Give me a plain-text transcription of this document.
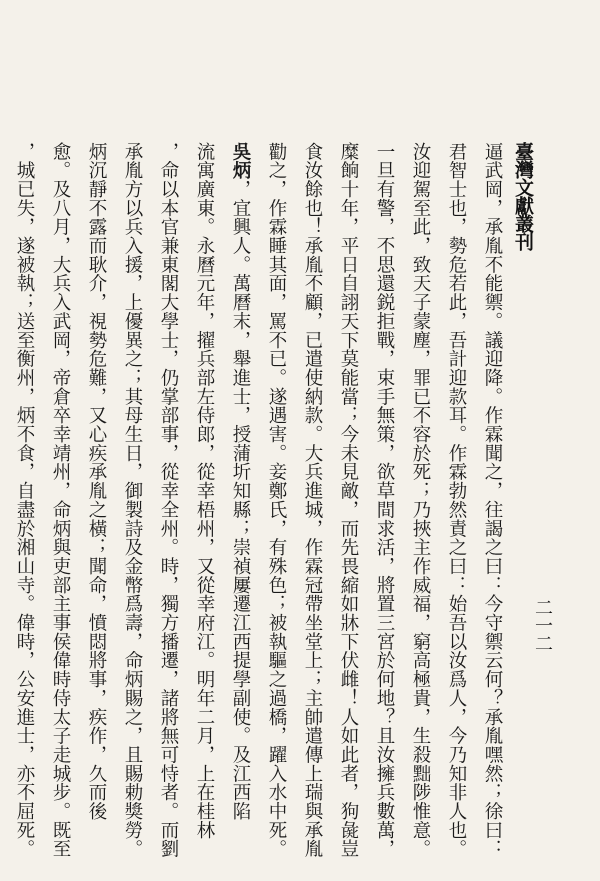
臺灣文獻叢刊
二一二
逼武岡，承胤不能禦。議迎降。作霖聞之，往謁之曰：今守禦云何？承胤嘿然；徐曰：
君智士也，勢危若此，吾計迎款耳。作霖勃然責之曰：始吾以汝爲人，今乃知非人也。
汝迎駕至此，致天子蒙塵，罪已不容於死；乃挾主作威福，窮高極貴，生殺黜陟惟意。
一旦有警，不思還鋭拒戰，束手無策，欲草間求活，將置三宮於何地？且汝擁兵數萬，
糜餉十年，平日自詡天下莫能當；今未見敵，而先畏縮如牀下伏雌！人如此者，狗彘豈
食汝餘也！承胤不顧，已遣使納款。大兵進城，作霖冠帶坐堂上；主帥遣傳上瑞與承胤
勸之，作霖睡其面，罵不已。遂遇害。妾鄭氏，有殊色；被執驅之過橋，躍入水中死。
吳炳，宜興人。萬曆末，舉進士，授蒲圻知縣；崇禎屢遷江西提學副使。及江西陷
流寓廣東。永曆元年，擢兵部左侍郎，從幸梧州，又從幸府江。明年二月，上在桂林
，命以本官兼東閣大學士，仍掌部事，從幸全州。時，獨方播遷，諸將無可恃者。而劉
承胤方以兵入援，上優異之；其母生日，御製詩及金幣爲壽，命炳賜之，且賜勅獎勞。
炳沉靜不露而耿介，視勢危難，又心疾承胤之橫；聞命，憤悶將事，疾作，久而後
愈。及八月，大兵入武岡，帝倉卒幸靖州，命炳與吏部主事侯偉時侍太子走城步。既至
，城已失，遂被執；送至衡州，炳不食，自盡於湘山寺。偉時，公安進士，亦不屈死。
